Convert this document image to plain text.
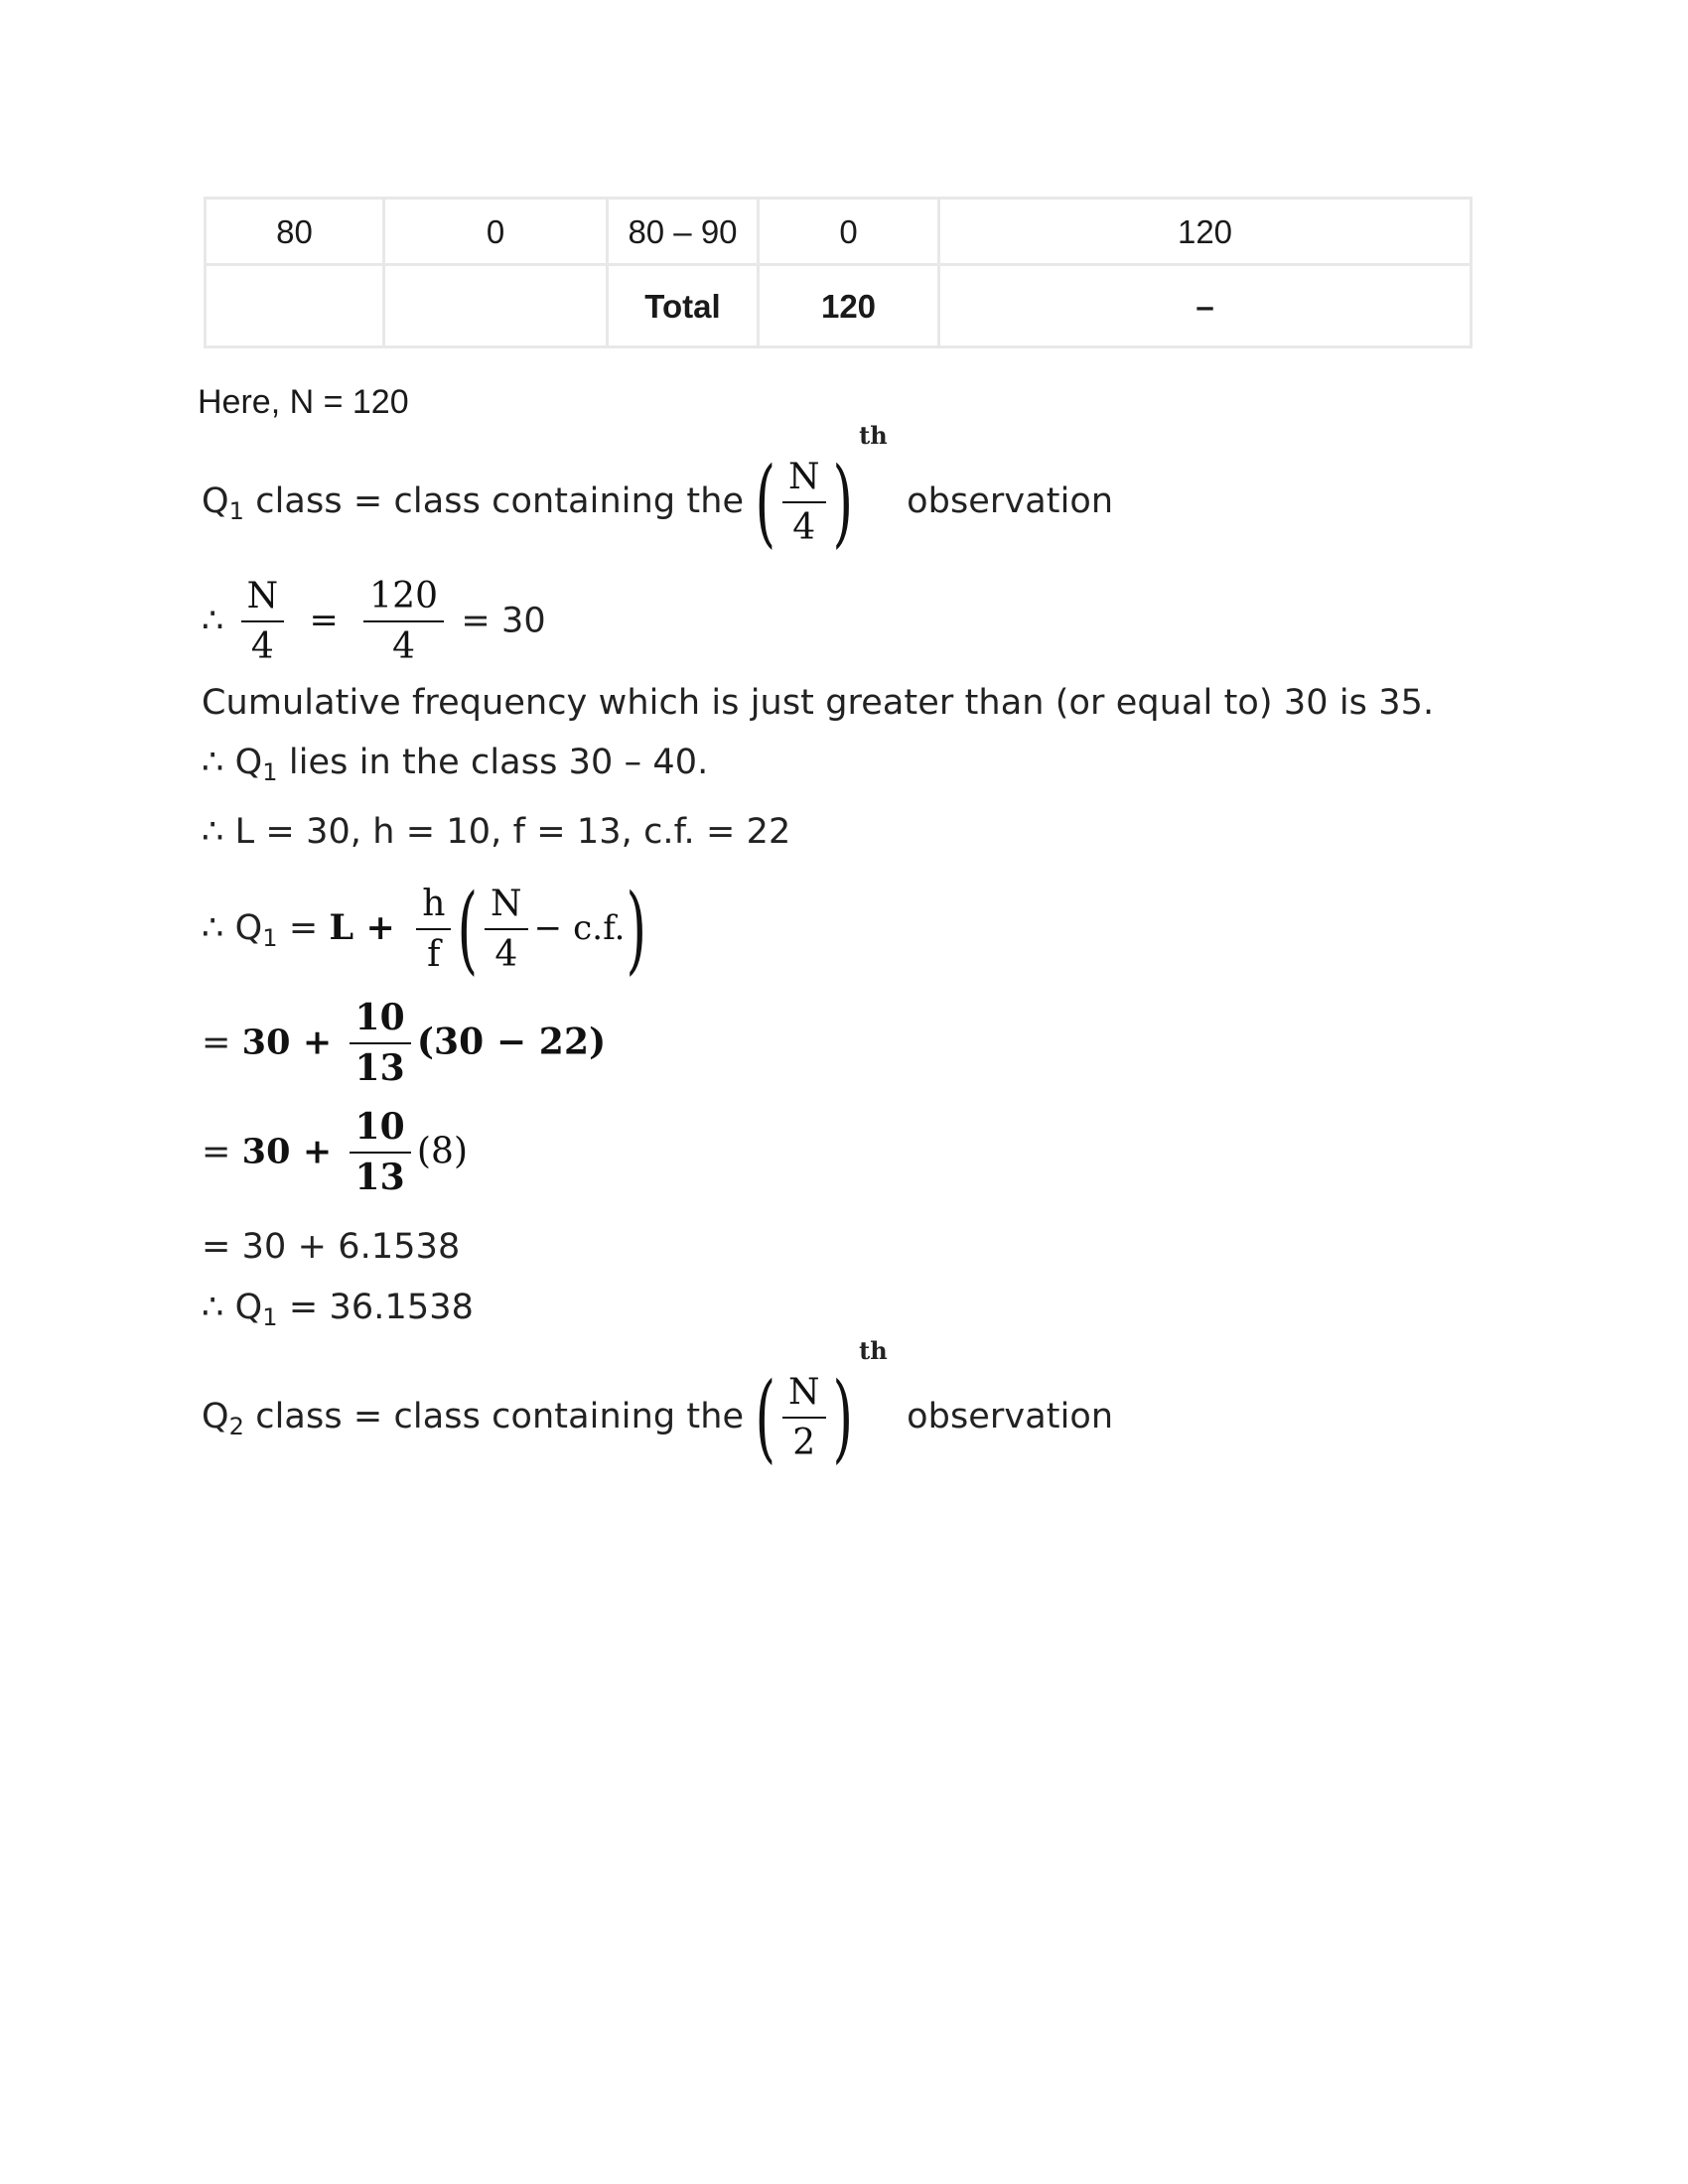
80	0	80 – 90	0	120
		Total	120	–
Here, N = 120
$Q_1$ class = class containing the ( $\frac{N}{4} )th$ observation
∴ $\frac{N}{4} = \frac{120}{4} = 30$
Cumulative frequency which is just greater than (or equal to) 30 is 35.
∴ $Q_1$ lies in the class 30 – 40.
∴ L = 30, h = 10, f = 13, c.f. = 22
∴ $Q_1 = L + \frac{h}{f}$ ( $\frac{N}{4} - c.f$.)
= $30 + \frac{10}{13} (30 - 22)$
= $30 + \frac{10}{13} (8)$
= 30 + 6.1538
∴ $Q_1 = 36.1538$
$Q_2$ class = class containing the ( $\frac{N}{2} )th$ observation
